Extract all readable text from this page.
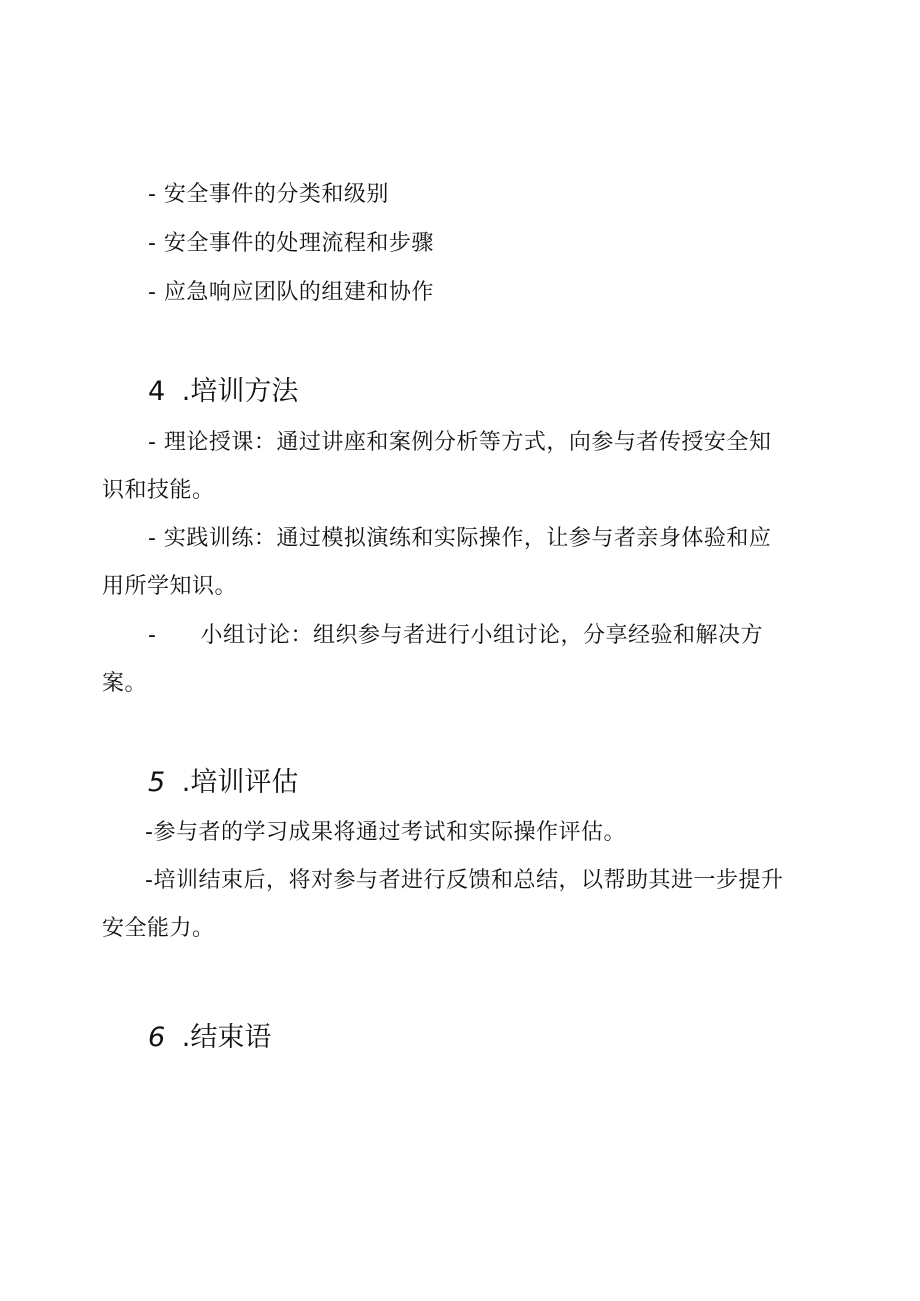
- 安全事件的分类和级别
- 安全事件的处理流程和步骤
- 应急响应团队的组建和协作
4 .培训方法
- 理论授课：通过讲座和案例分析等方式，向参与者传授安全知
识和技能。
- 实践训练：通过模拟演练和实际操作，让参与者亲身体验和应
用所学知识。
- 小组讨论：组织参与者进行小组讨论，分享经验和解决方
案。
5 .培训评估
-参与者的学习成果将通过考试和实际操作评估。
-培训结束后，将对参与者进行反馈和总结，以帮助其进一步提升
安全能力。
6 .结束语
